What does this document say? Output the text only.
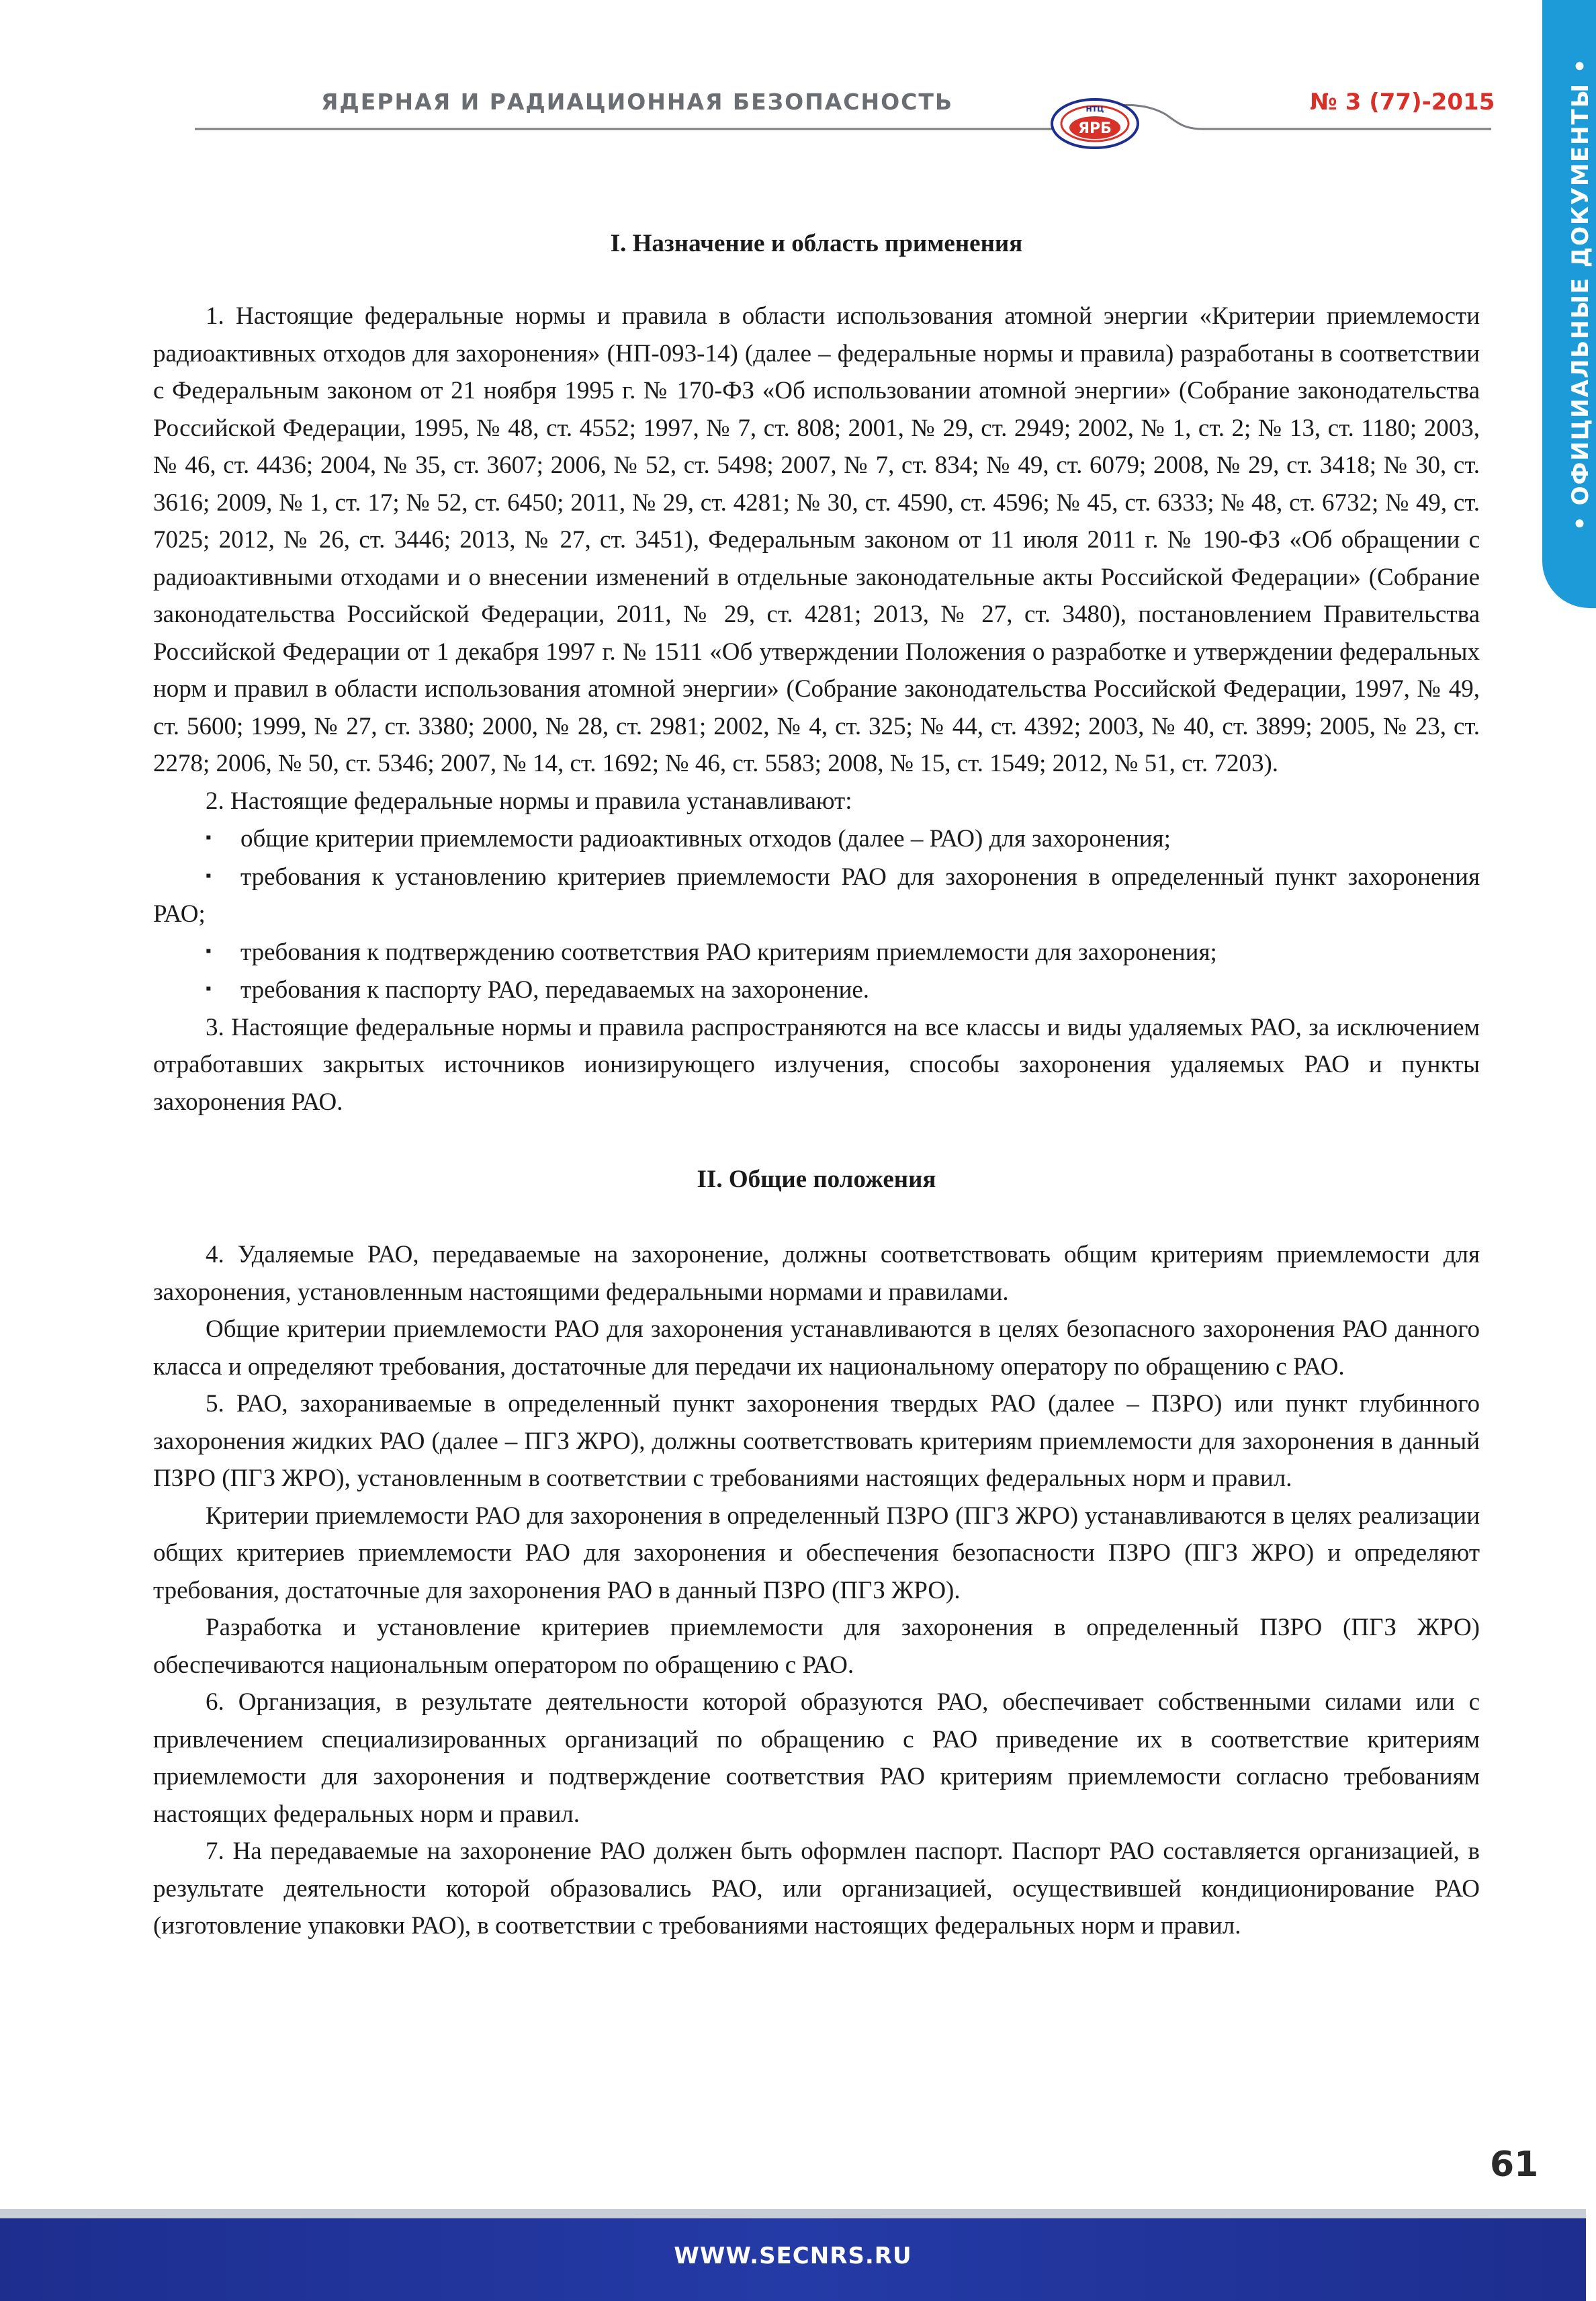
ЯДЕРНАЯ И РАДИАЦИОННАЯ БЕЗОПАСНОСТЬ	№ 3 (77)-2015
НТЦ
ЯРБ	• ОФИЦИАЛЬНЫЕ ДОКУМЕНТЫ •
I. Назначение и область применения

1. Настоящие федеральные нормы и правила в области использования атомной энергии «Критерии приемлемости радиоактивных отходов для захоронения» (НП-093-14) (далее – федеральные нормы и правила) разработаны в соответствии с Федеральным законом от 21 ноября 1995 г. № 170-ФЗ «Об использовании атомной энергии» (Собрание законодательства Российской Федерации, 1995, № 48, ст. 4552; 1997, № 7, ст. 808; 2001, № 29, ст. 2949; 2002, № 1, ст. 2; № 13, ст. 1180; 2003, № 46, ст. 4436; 2004, № 35, ст. 3607; 2006, № 52, ст. 5498; 2007, № 7, ст. 834; № 49, ст. 6079; 2008, № 29, ст. 3418; № 30, ст. 3616; 2009, № 1, ст. 17; № 52, ст. 6450; 2011, № 29, ст. 4281; № 30, ст. 4590, ст. 4596; № 45, ст. 6333; № 48, ст. 6732; № 49, ст. 7025; 2012, № 26, ст. 3446; 2013, № 27, ст. 3451), Федеральным законом от 11 июля 2011 г. № 190-ФЗ «Об обращении с радиоактивными отходами и о внесении изменений в отдельные законодательные акты Российской Федерации» (Собрание законодательства Российской Федерации, 2011, № 29, ст. 4281; 2013, № 27, ст. 3480), постановлением Правительства Российской Федерации от 1 декабря 1997 г. № 1511 «Об утверждении Положения о разработке и утверждении федеральных норм и правил в области использования атомной энергии» (Собрание законодательства Российской Федерации, 1997, № 49, ст. 5600; 1999, № 27, ст. 3380; 2000, № 28, ст. 2981; 2002, № 4, ст. 325; № 44, ст. 4392; 2003, № 40, ст. 3899; 2005, № 23, ст. 2278; 2006, № 50, ст. 5346; 2007, № 14, ст. 1692; № 46, ст. 5583; 2008, № 15, ст. 1549; 2012, № 51, ст. 7203).

2. Настоящие федеральные нормы и правила устанавливают:

▪ общие критерии приемлемости радиоактивных отходов (далее – РАО) для захоронения;

▪ требования к установлению критериев приемлемости РАО для захоронения в определенный пункт захоронения РАО;

▪ требования к подтверждению соответствия РАО критериям приемлемости для захоронения;

▪ требования к паспорту РАО, передаваемых на захоронение.

3. Настоящие федеральные нормы и правила распространяются на все классы и виды удаляемых РАО, за исключением отработавших закрытых источников ионизирующего излучения, способы захоронения удаляемых РАО и пункты захоронения РАО.

II. Общие положения

4. Удаляемые РАО, передаваемые на захоронение, должны соответствовать общим критериям приемлемости для захоронения, установленным настоящими федеральными нормами и правилами.

Общие критерии приемлемости РАО для захоронения устанавливаются в целях безопасного захоронения РАО данного класса и определяют требования, достаточные для передачи их национальному оператору по обращению с РАО.

5. РАО, захораниваемые в определенный пункт захоронения твердых РАО (далее – ПЗРО) или пункт глубинного захоронения жидких РАО (далее – ПГЗ ЖРО), должны соответствовать критериям приемлемости для захоронения в данный ПЗРО (ПГЗ ЖРО), установленным в соответствии с требованиями настоящих федеральных норм и правил.

Критерии приемлемости РАО для захоронения в определенный ПЗРО (ПГЗ ЖРО) устанавливаются в целях реализации общих критериев приемлемости РАО для захоронения и обеспечения безопасности ПЗРО (ПГЗ ЖРО) и определяют требования, достаточные для захоронения РАО в данный ПЗРО (ПГЗ ЖРО).

Разработка и установление критериев приемлемости для захоронения в определенный ПЗРО (ПГЗ ЖРО) обеспечиваются национальным оператором по обращению с РАО.

6. Организация, в результате деятельности которой образуются РАО, обеспечивает собственными силами или с привлечением специализированных организаций по обращению с РАО приведение их в соответствие критериям приемлемости для захоронения и подтверждение соответствия РАО критериям приемлемости согласно требованиям настоящих федеральных норм и правил.

7. На передаваемые на захоронение РАО должен быть оформлен паспорт. Паспорт РАО составляется организацией, в результате деятельности которой образовались РАО, или организацией, осуществившей кондиционирование РАО (изготовление упаковки РАО), в соответствии с требованиями настоящих федеральных норм и правил.

61
WWW.SECNRS.RU
